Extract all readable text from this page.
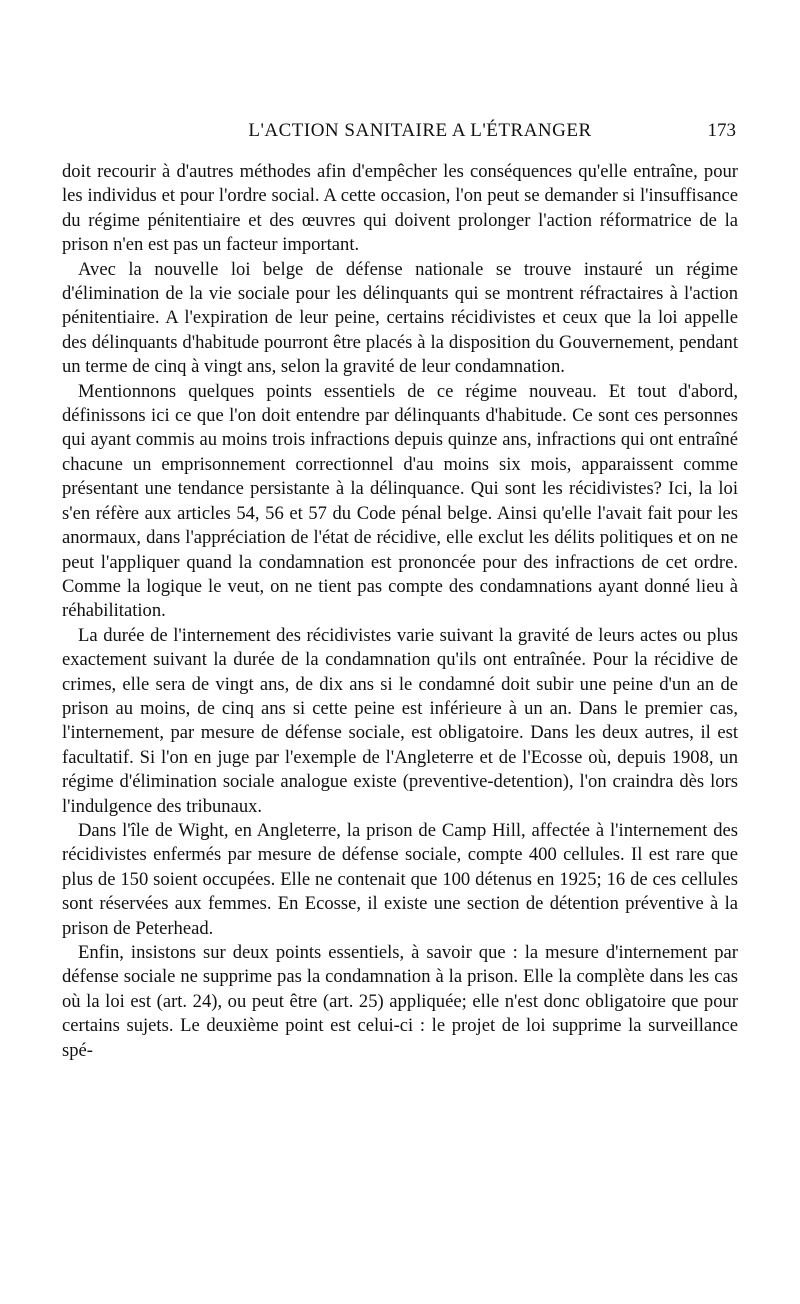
L'ACTION SANITAIRE A L'ÉTRANGER	173

doit recourir à d'autres méthodes afin d'empêcher les conséquences qu'elle entraîne, pour les individus et pour l'ordre social. A cette occasion, l'on peut se demander si l'insuffisance du régime pénitentiaire et des œuvres qui doivent prolonger l'action réformatrice de la prison n'en est pas un facteur important.

Avec la nouvelle loi belge de défense nationale se trouve instauré un régime d'élimination de la vie sociale pour les délinquants qui se montrent réfractaires à l'action pénitentiaire. A l'expiration de leur peine, certains récidivistes et ceux que la loi appelle des délinquants d'habitude pourront être placés à la disposition du Gouvernement, pendant un terme de cinq à vingt ans, selon la gravité de leur condamnation.

Mentionnons quelques points essentiels de ce régime nouveau. Et tout d'abord, définissons ici ce que l'on doit entendre par délinquants d'habitude. Ce sont ces personnes qui ayant commis au moins trois infractions depuis quinze ans, infractions qui ont entraîné chacune un emprisonnement correctionnel d'au moins six mois, apparaissent comme présentant une tendance persistante à la délinquance. Qui sont les récidivistes? Ici, la loi s'en réfère aux articles 54, 56 et 57 du Code pénal belge. Ainsi qu'elle l'avait fait pour les anormaux, dans l'appréciation de l'état de récidive, elle exclut les délits politiques et on ne peut l'appliquer quand la condamnation est prononcée pour des infractions de cet ordre. Comme la logique le veut, on ne tient pas compte des condamnations ayant donné lieu à réhabilitation.

La durée de l'internement des récidivistes varie suivant la gravité de leurs actes ou plus exactement suivant la durée de la condamnation qu'ils ont entraînée. Pour la récidive de crimes, elle sera de vingt ans, de dix ans si le condamné doit subir une peine d'un an de prison au moins, de cinq ans si cette peine est inférieure à un an. Dans le premier cas, l'internement, par mesure de défense sociale, est obligatoire. Dans les deux autres, il est facultatif. Si l'on en juge par l'exemple de l'Angleterre et de l'Ecosse où, depuis 1908, un régime d'élimination sociale analogue existe (preventive-detention), l'on craindra dès lors l'indulgence des tribunaux.

Dans l'île de Wight, en Angleterre, la prison de Camp Hill, affectée à l'internement des récidivistes enfermés par mesure de défense sociale, compte 400 cellules. Il est rare que plus de 150 soient occupées. Elle ne contenait que 100 détenus en 1925; 16 de ces cellules sont réservées aux femmes. En Ecosse, il existe une section de détention préventive à la prison de Peterhead.

Enfin, insistons sur deux points essentiels, à savoir que : la mesure d'internement par défense sociale ne supprime pas la condamnation à la prison. Elle la complète dans les cas où la loi est (art. 24), ou peut être (art. 25) appliquée; elle n'est donc obligatoire que pour certains sujets. Le deuxième point est celui-ci : le projet de loi supprime la surveillance spé-
